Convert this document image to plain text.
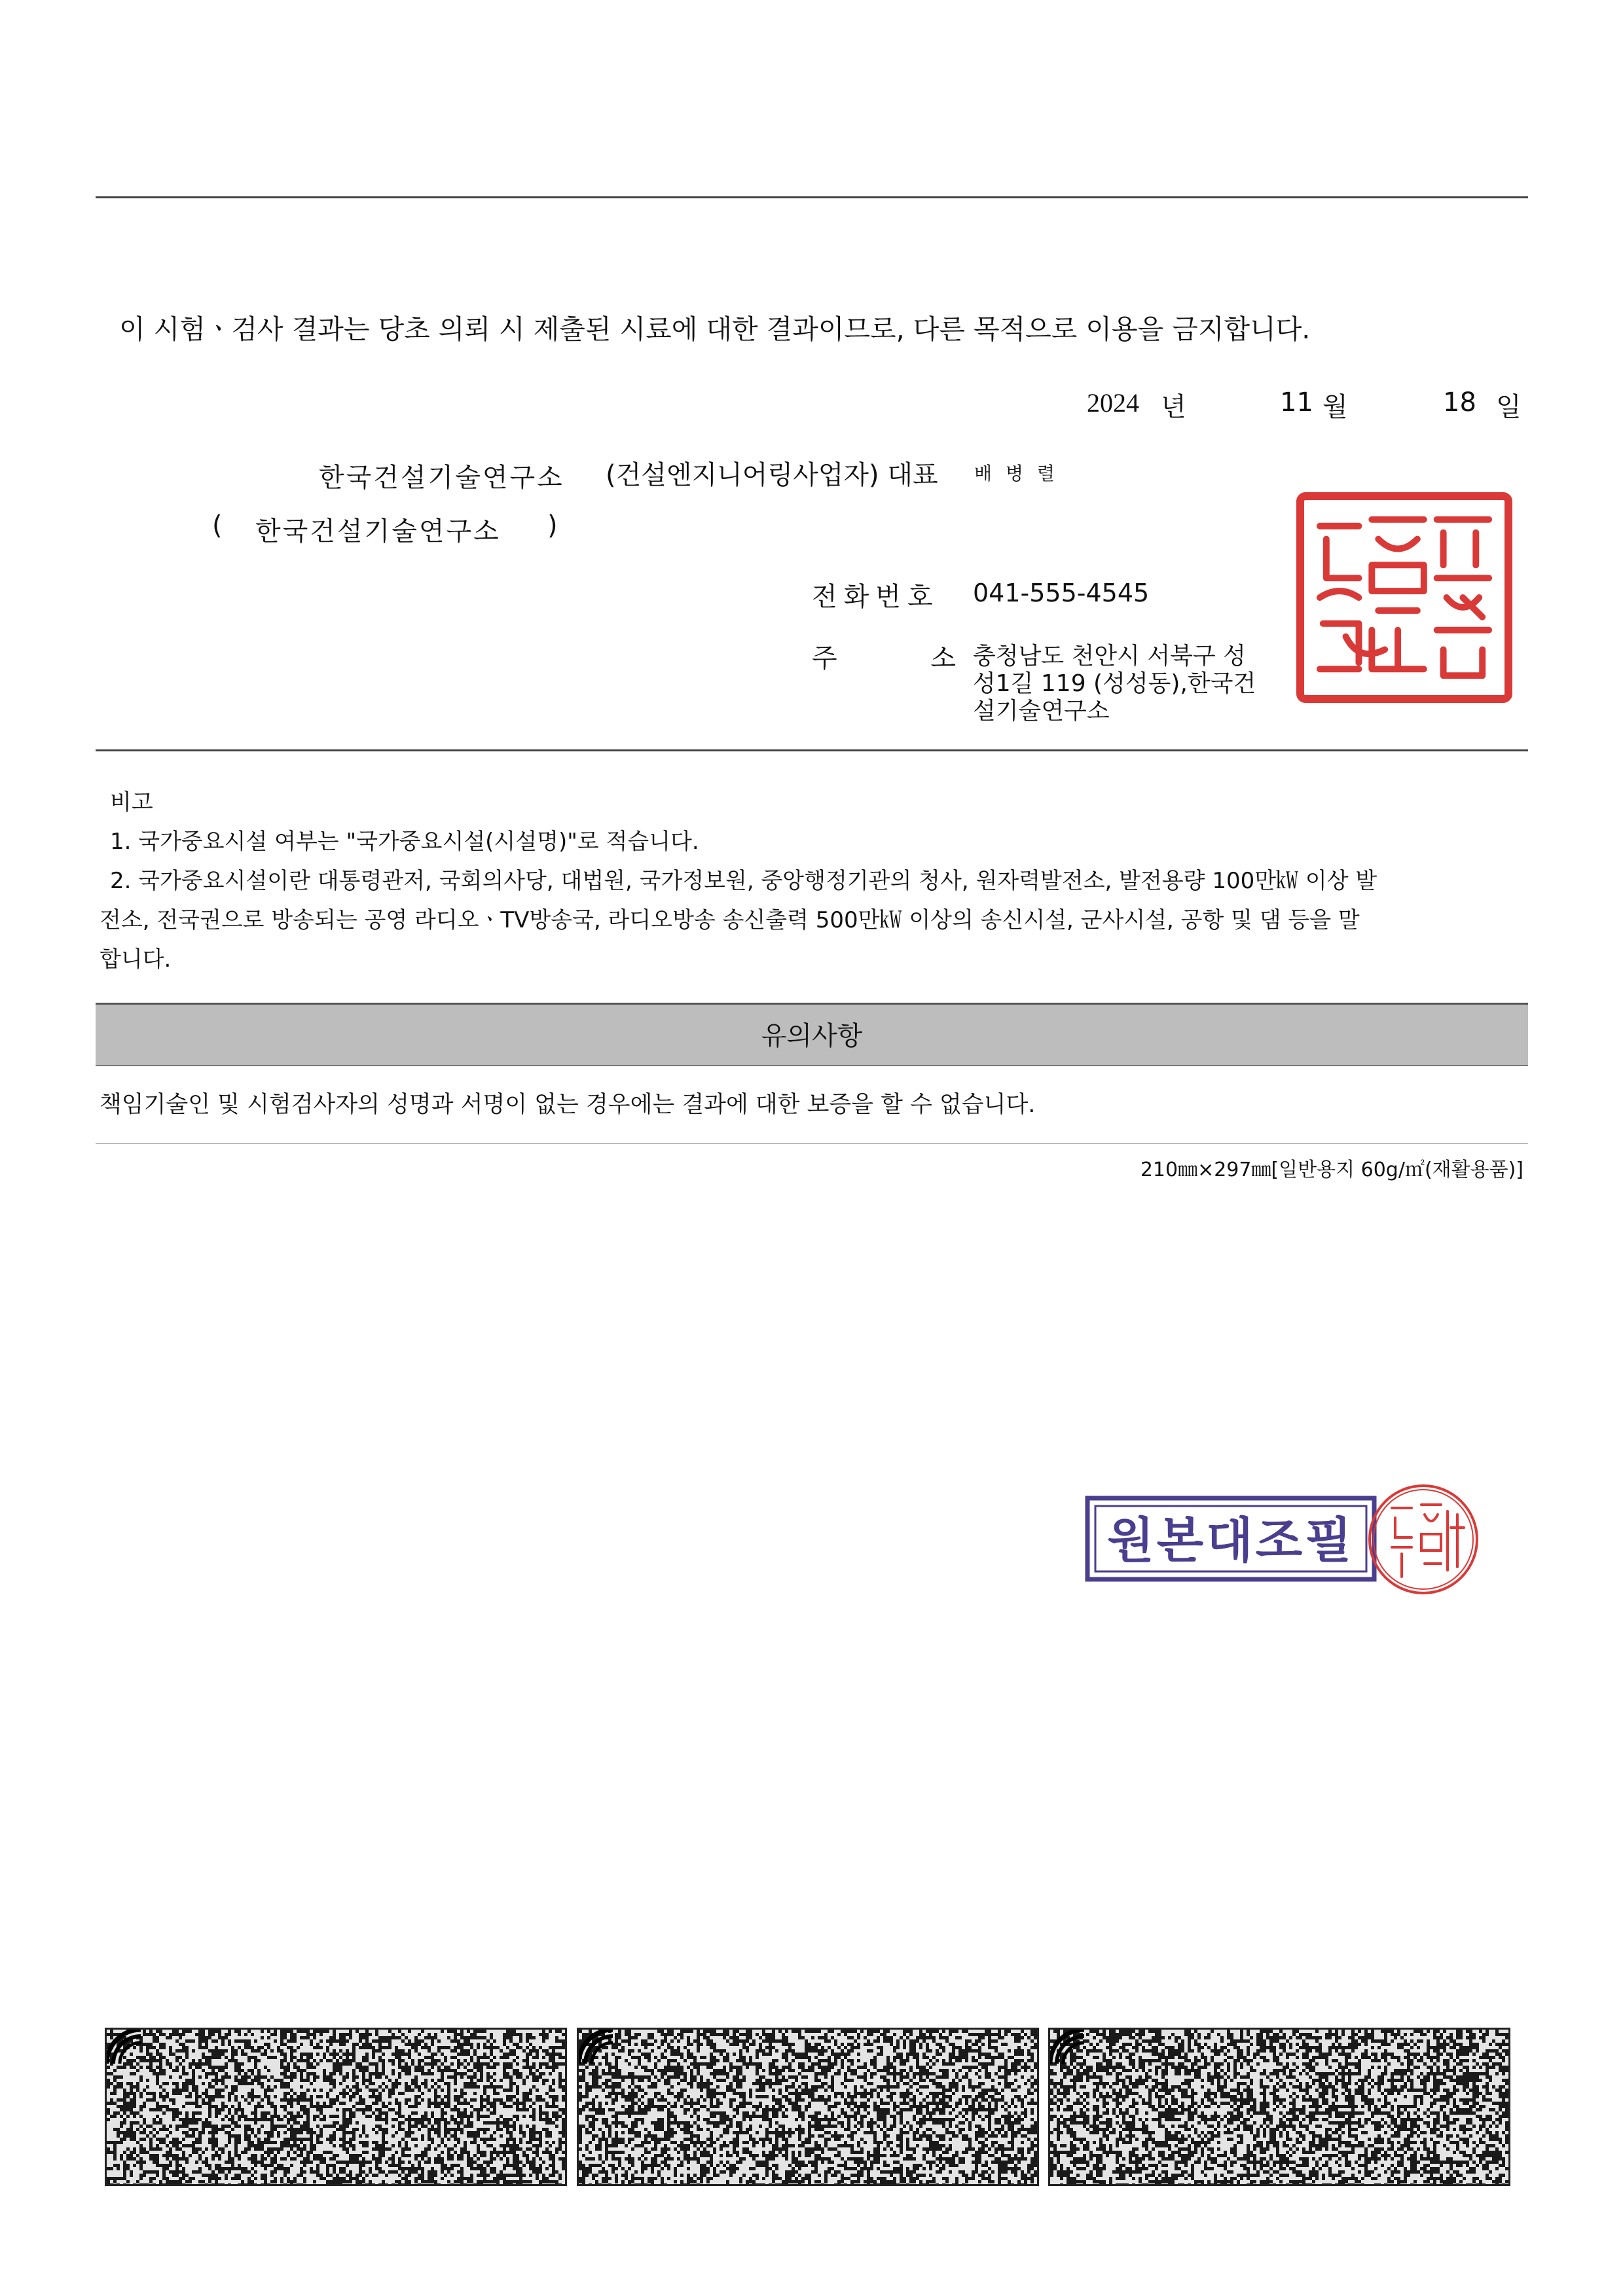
이 시험ㆍ검사 결과는 당초 의뢰 시 제출된 시료에 대한 결과이므로, 다른 목적으로 이용을 금지합니다.
2024 년	11 월	18 일
한국건설기술연구소 (건설엔지니어링사업자) 대표 배 병 렬
( 한국건설기술연구소 )
전화번호 041-555-4545
주 소 충청남도 천안시 서북구 성
성1길 119 (성성동),한국건
설기술연구소
비고
1. 국가중요시설 여부는 "국가중요시설(시설명)"로 적습니다.
2. 국가중요시설이란 대통령관저, 국회의사당, 대법원, 국가정보원, 중앙행정기관의 청사, 원자력발전소, 발전용량 100만㎾ 이상 발
전소, 전국권으로 방송되는 공영 라디오ㆍTV방송국, 라디오방송 송신출력 500만㎾ 이상의 송신시설, 군사시설, 공항 및 댐 등을 말
합니다.
유의사항
책임기술인 및 시험검사자의 성명과 서명이 없는 경우에는 결과에 대한 보증을 할 수 없습니다.
210㎜×297㎜[일반용지 60g/㎡(재활용품)]
원본대조필
